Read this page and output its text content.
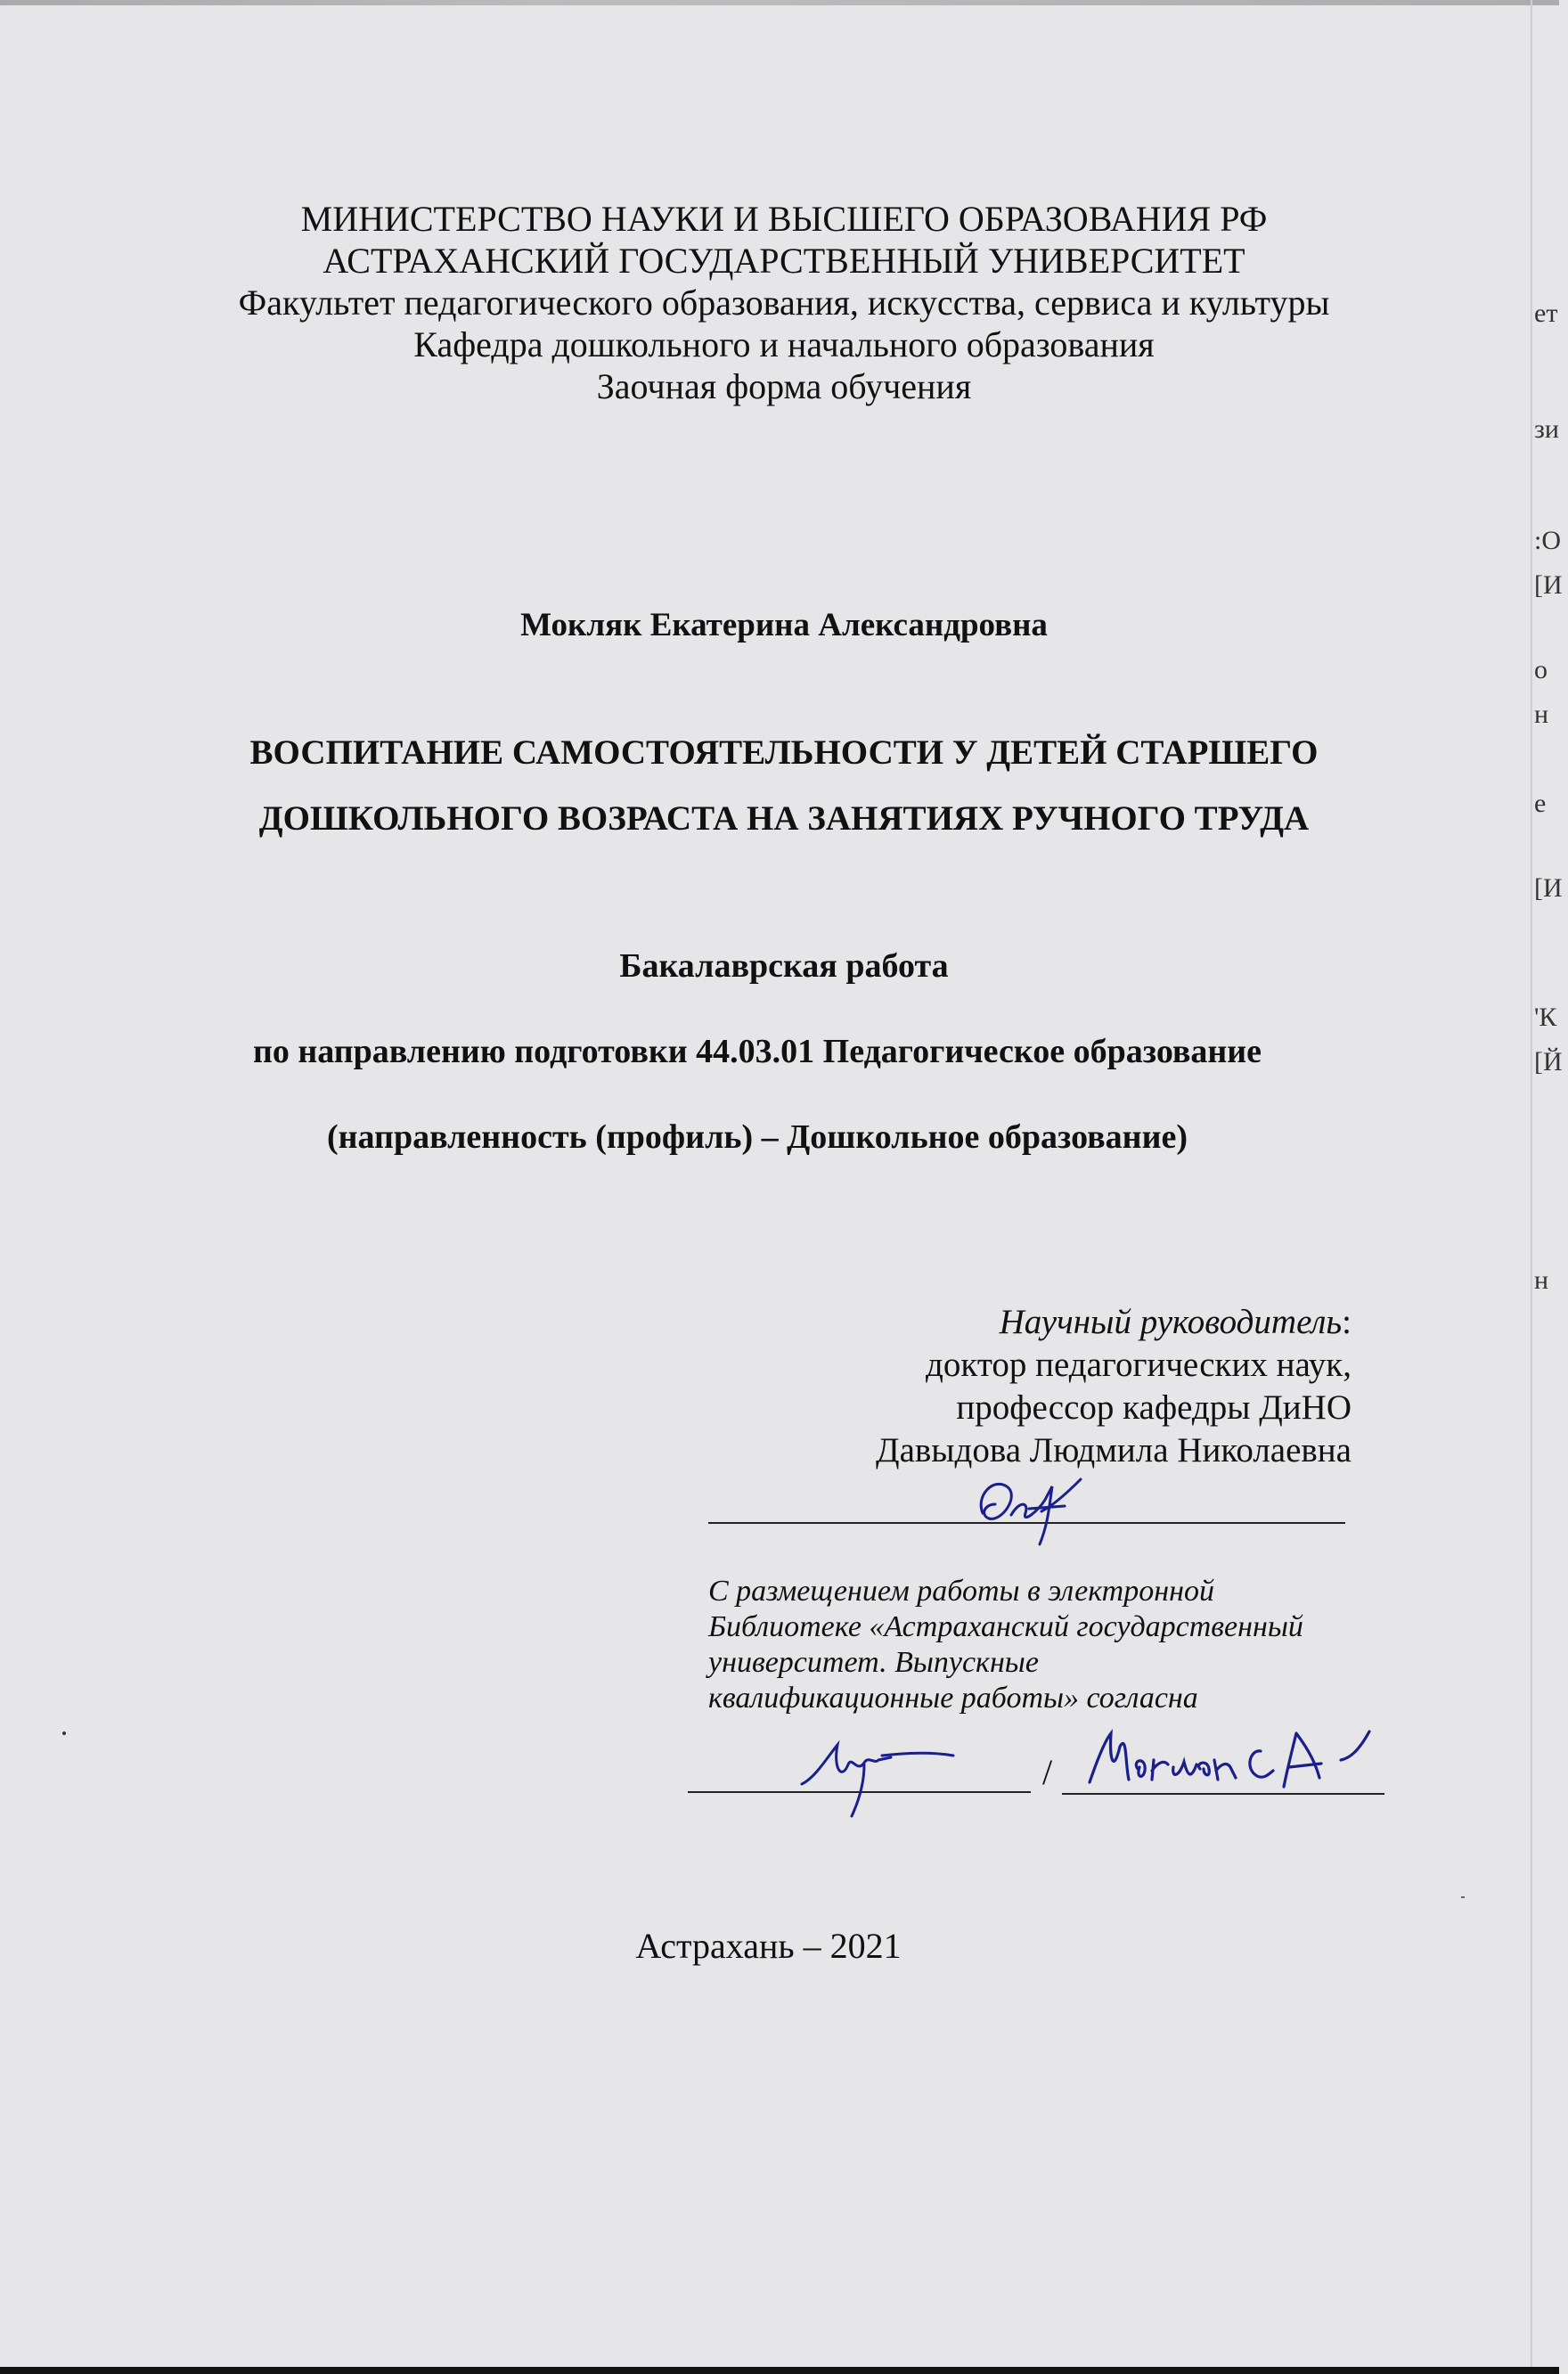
ет
зи
:О
[И
о
н
е
[И
'К
[Й
н
МИНИСТЕРСТВО НАУКИ И ВЫСШЕГО ОБРАЗОВАНИЯ РФ
АСТРАХАНСКИЙ ГОСУДАРСТВЕННЫЙ УНИВЕРСИТЕТ
Факультет педагогического образования, искусства, сервиса и культуры
Кафедра дошкольного и начального образования
Заочная форма обучения
Мокляк Екатерина Александровна
ВОСПИТАНИЕ САМОСТОЯТЕЛЬНОСТИ У ДЕТЕЙ СТАРШЕГО
ДОШКОЛЬНОГО ВОЗРАСТА НА ЗАНЯТИЯХ РУЧНОГО ТРУДА
Бакалаврская работа
по направлению подготовки 44.03.01 Педагогическое образование
(направленность (профиль) – Дошкольное образование)
Научный руководитель:
доктор педагогических наук,
профессор кафедры ДиНО
Давыдова Людмила Николаевна
С размещением работы в электронной
Библиотеке «Астраханский государственный
университет. Выпускные
квалификационные работы» согласна
/
Астрахань – 2021
